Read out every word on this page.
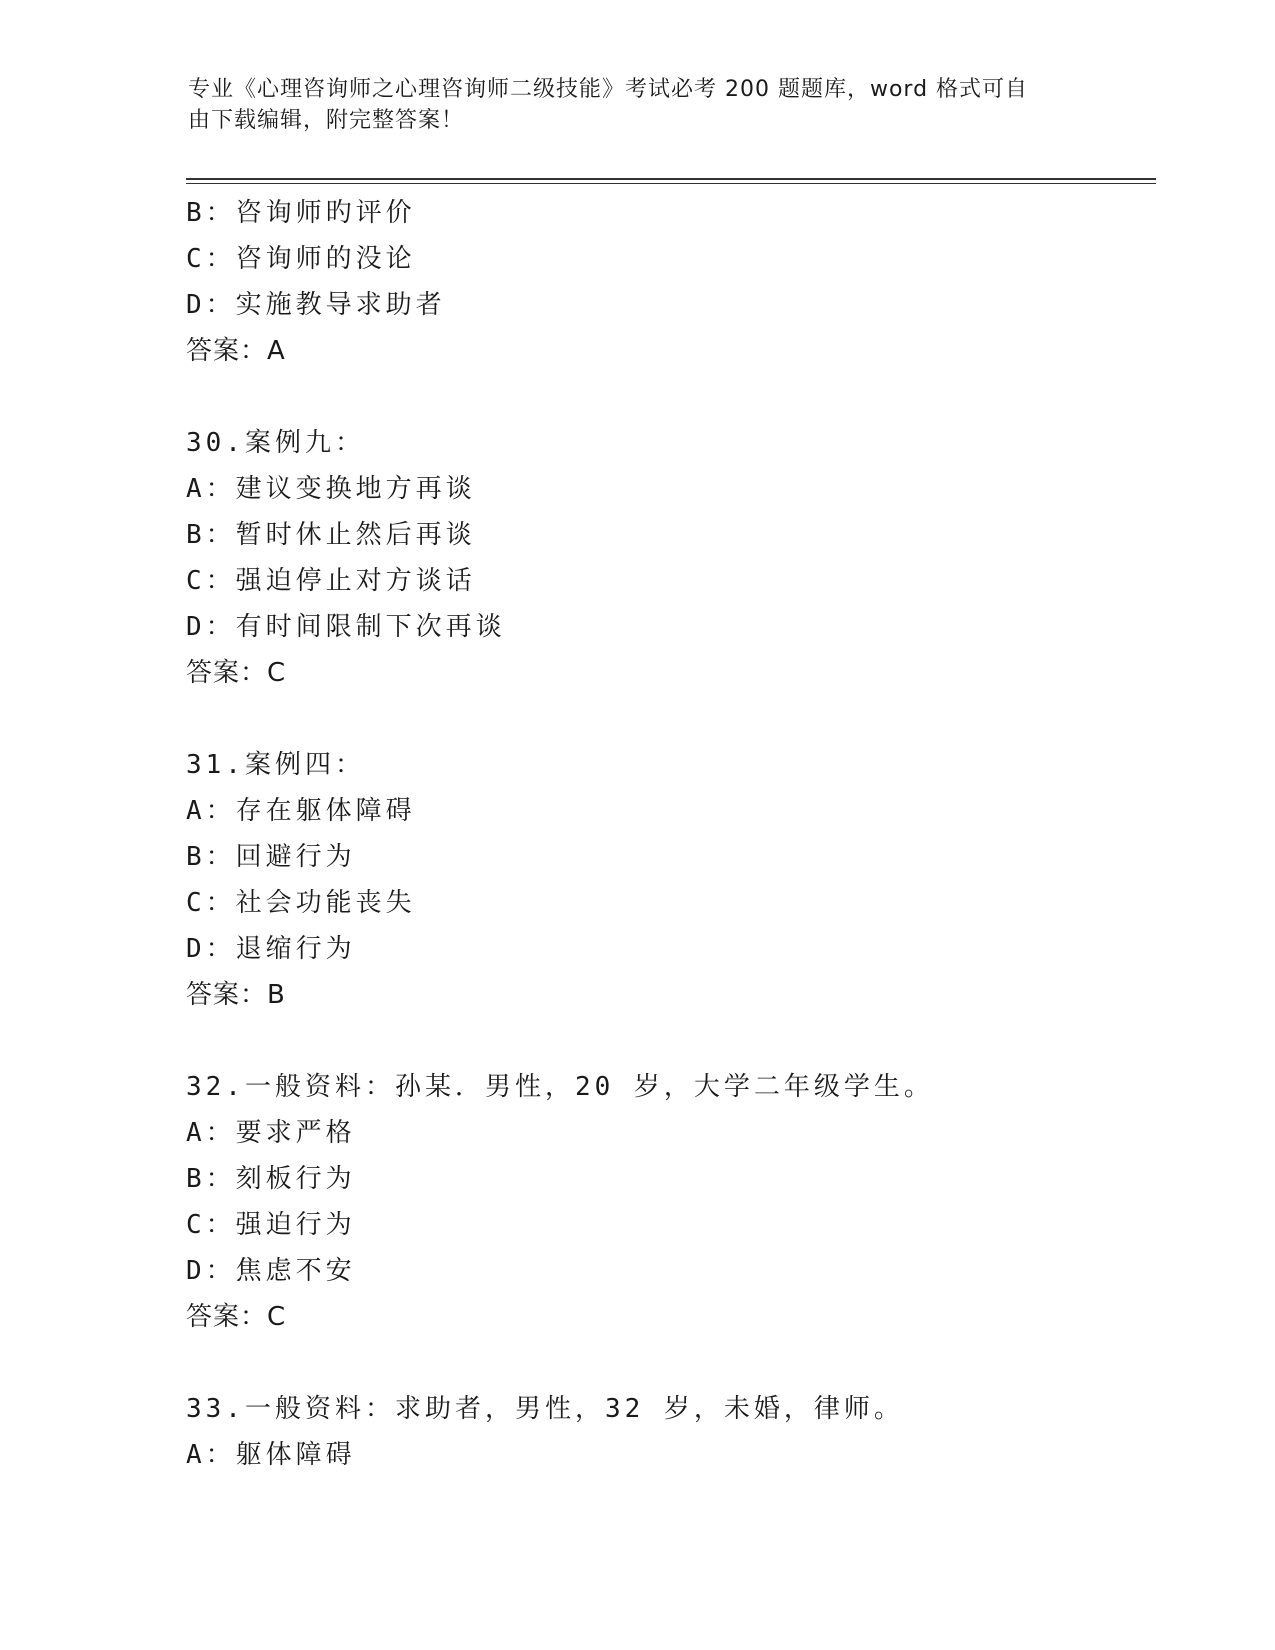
专业《心理咨询师之心理咨询师二级技能》考试必考 200 题题库，word 格式可自
由下载编辑，附完整答案！
B：咨询师旳评价
C：咨询师的没论
D：实施教导求助者
答案：A
30.案例九：
A：建议变换地方再谈
B：暂时休止然后再谈
C：强迫停止对方谈话
D：有时间限制下次再谈
答案：C
31.案例四：
A：存在躯体障碍
B：回避行为
C：社会功能丧失
D：退缩行为
答案：B
32.一般资料：孙某．男性，20 岁，大学二年级学生。
A：要求严格
B：刻板行为
C：强迫行为
D：焦虑不安
答案：C
33.一般资料：求助者，男性，32 岁，未婚，律师。
A：躯体障碍
